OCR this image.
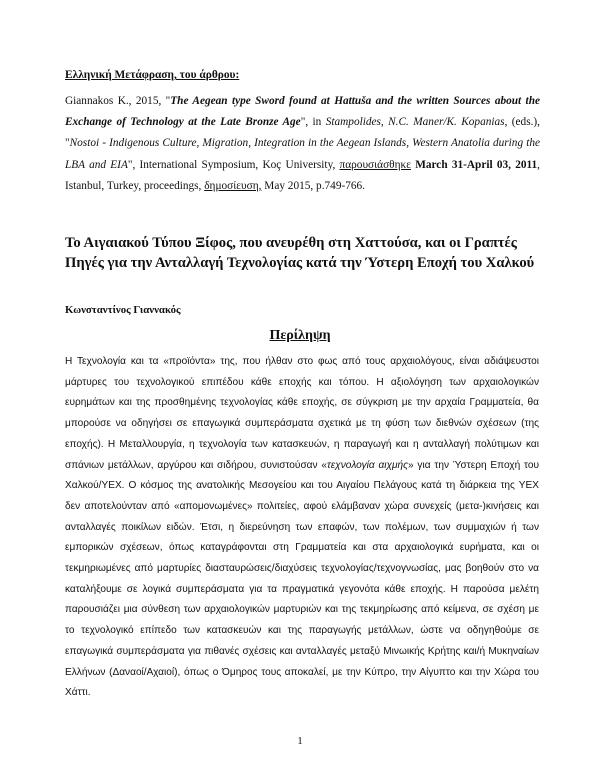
Ελληνική Μετάφραση, του άρθρου:
Giannakos K., 2015, "The Aegean type Sword found at Hattuša and the written Sources about the Exchange of Technology at the Late Bronze Age", in Stampolides, N.C. Maner/K. Kopanias, (eds.), "Nostoi - Indigenous Culture, Migration, Integration in the Aegean Islands, Western Anatolia during the LBA and EIA", International Symposium, Koç University, παρουσιάσθηκε March 31-April 03, 2011, Istanbul, Turkey, proceedings, δημοσίευση, May 2015, p.749-766.
Το Αιγαιακού Τύπου Ξίφος, που ανευρέθη στη Χαττούσα, και οι Γραπτές Πηγές για την Ανταλλαγή Τεχνολογίας κατά την Ύστερη Εποχή του Χαλκού
Κωνσταντίνος Γιαννακός
Περίληψη

Η Τεχνολογία και τα «προϊόντα» της, που ήλθαν στο φως από τους αρχαιολόγους, είναι αδιάψευστοι μάρτυρες του τεχνολογικού επιπέδου κάθε εποχής και τόπου. Η αξιολόγηση των αρχαιολογικών ευρημάτων και της προσθημένης τεχνολογίας κάθε εποχής, σε σύγκριση με την αρχαία Γραμματεία, θα μπορούσε να οδηγήσει σε επαγωγικά συμπεράσματα σχετικά με τη φύση των διεθνών σχέσεων (της εποχής). Η Μεταλλουργία, η τεχνολογία των κατασκευών, η παραγωγή και η ανταλλαγή πολύτιμων και σπάνιων μετάλλων, αργύρου και σιδήρου, συνιστούσαν «τεχνολογία αιχμής» για την Ύστερη Εποχή του Χαλκού/ΥΕΧ. Ο κόσμος της ανατολικής Μεσογείου και του Αιγαίου Πελάγους κατά τη διάρκεια της ΥΕΧ δεν αποτελούνταν από «απομονωμένες» πολιτείες, αφού ελάμβαναν χώρα συνεχείς (μετα-)κινήσεις και ανταλλαγές ποικίλων ειδών. Έτσι, η διερεύνηση των επαφών, των πολέμων, των συμμαχιών ή των εμπορικών σχέσεων, όπως καταγράφονται στη Γραμματεία και στα αρχαιολογικά ευρήματα, και οι τεκμηριωμένες από μαρτυρίες διασταυρώσεις/διαχύσεις τεχνολογίας/τεχνογνωσίας, μας βοηθούν στο να καταλήξουμε σε λογικά συμπεράσματα για τα πραγματικά γεγονότα κάθε εποχής. Η παρούσα μελέτη παρουσιάζει μια σύνθεση των αρχαιολογικών μαρτυριών και της τεκμηρίωσης από κείμενα, σε σχέση με το τεχνολογικό επίπεδο των κατασκευών και της παραγωγής μετάλλων, ώστε να οδηγηθούμε σε επαγωγικά συμπεράσματα για πιθανές σχέσεις και ανταλλαγές μεταξύ Μινωικής Κρήτης και/ή Μυκηναίων Ελλήνων (Δαναοί/Αχαιοί), όπως ο Όμηρος τους αποκαλεί, με την Κύπρο, την Αίγυπτο και την Χώρα του Χάττι.

1
